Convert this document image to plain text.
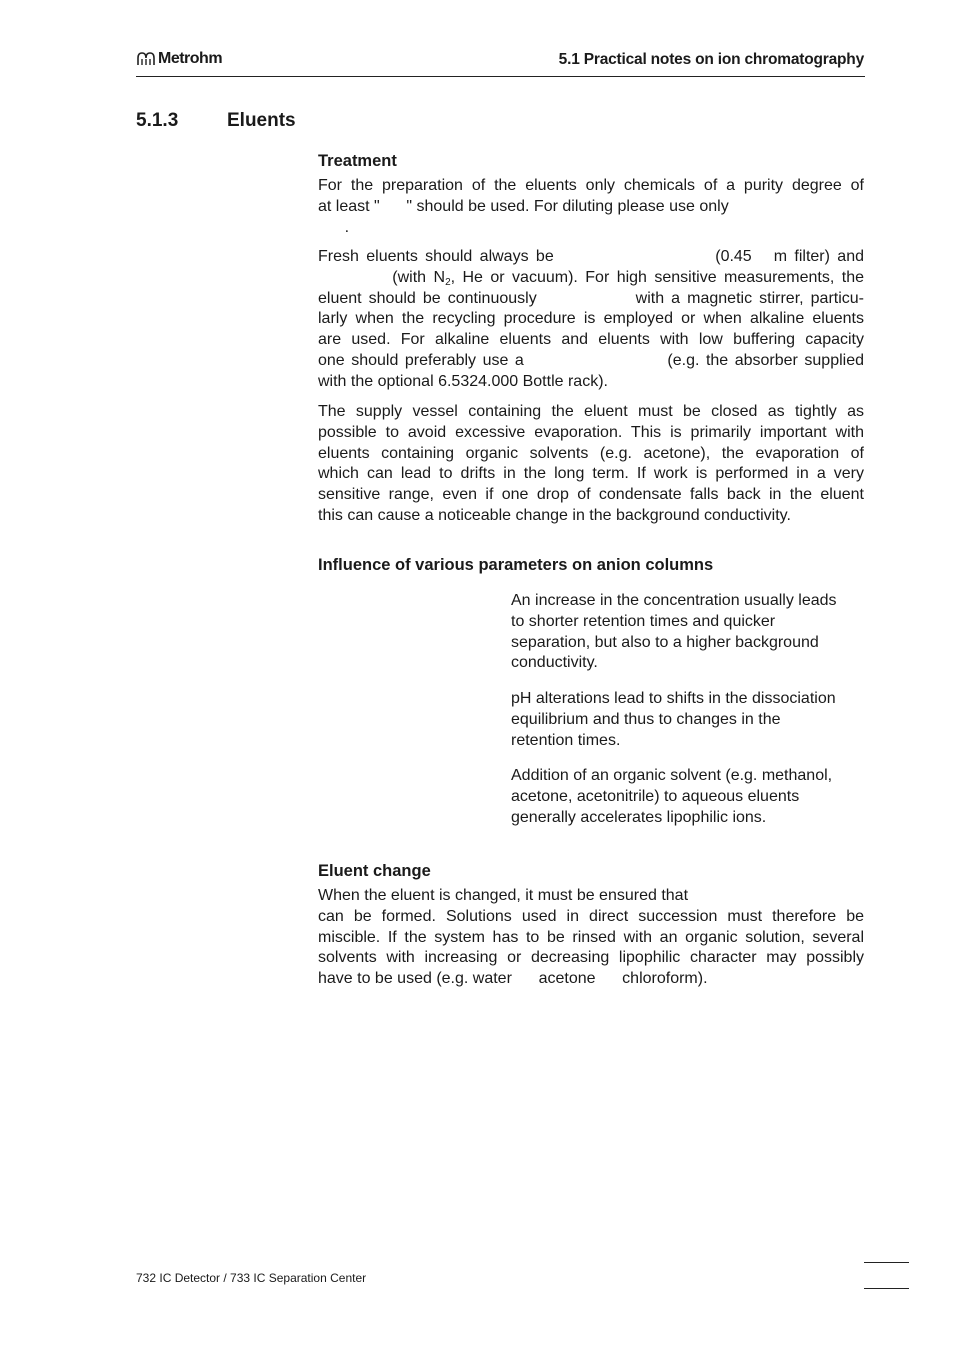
Metrohm	5.1 Practical notes on ion chromatography
5.1.3	Eluents
Treatment

For the preparation of the eluents only chemicals of a purity degree of
at least "      " should be used. For diluting please use only
.

Fresh eluents should always be                      (0.45   m filter) and
(with $N_2$, He or vacuum). For high sensitive measurements, the
eluent should be continuously              with a magnetic stirrer, particu-
larly when the recycling procedure is employed or when alkaline eluents
are used. For alkaline eluents and eluents with low buffering capacity
one should preferably use a                      (e.g. the absorber supplied
with the optional 6.5324.000 Bottle rack).

The supply vessel containing the eluent must be closed as tightly as
possible to avoid excessive evaporation. This is primarily important with
eluents containing organic solvents (e.g. acetone), the evaporation of
which can lead to drifts in the long term. If work is performed in a very
sensitive range, even if one drop of condensate falls back in the eluent
this can cause a noticeable change in the background conductivity.

Influence of various parameters on anion columns

An increase in the concentration usually leads
to shorter retention times and quicker
separation, but also to a higher background
conductivity.

pH alterations lead to shifts in the dissociation
equilibrium and thus to changes in the
retention times.

Addition of an organic solvent (e.g. methanol,
acetone, acetonitrile) to aqueous eluents
generally accelerates lipophilic ions.

Eluent change

When the eluent is changed, it must be ensured that
can be formed. Solutions used in direct succession must therefore be
miscible. If the system has to be rinsed with an organic solution, several
solvents with increasing or decreasing lipophilic character may possibly
have to be used (e.g. water      acetone      chloroform).

732 IC Detector / 733 IC Separation Center
